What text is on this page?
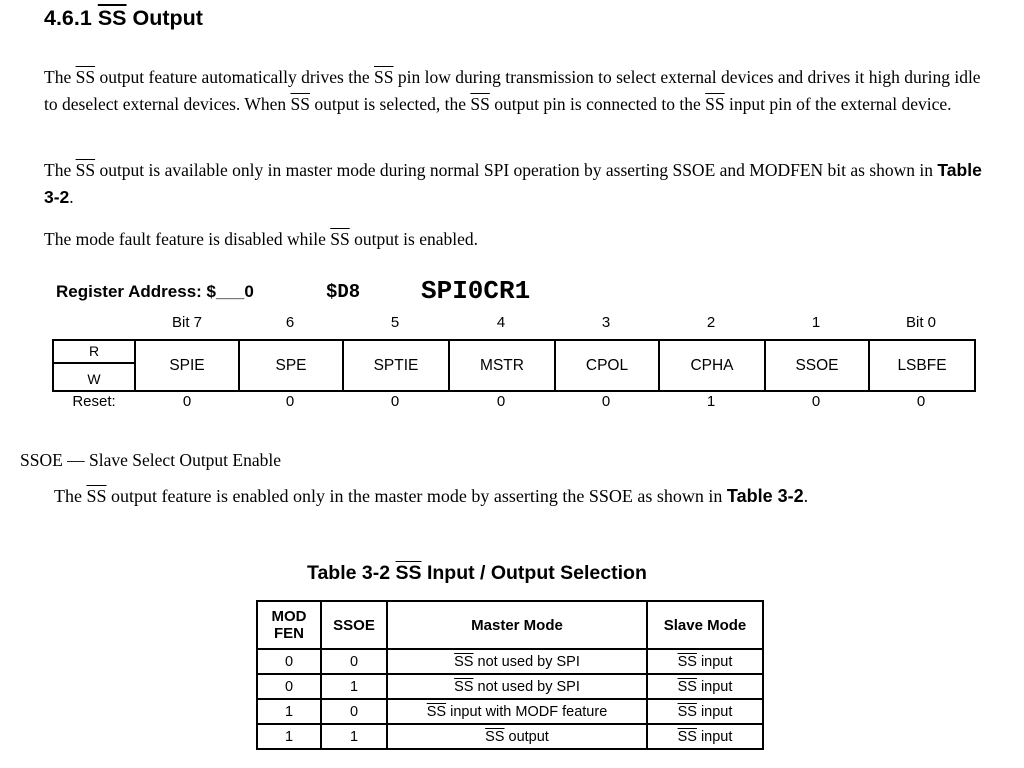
4.6.1 $\overline{SS}$ Output
The $\overline{SS}$ output feature automatically drives the $\overline{SS}$ pin low during transmission to select external devices and drives it high during idle to deselect external devices. When $\overline{SS}$ output is selected, the $\overline{SS}$ output pin is connected to the $\overline{SS}$ input pin of the external device.
The $\overline{SS}$ output is available only in master mode during normal SPI operation by asserting SSOE and MODFEN bit as shown in Table 3-2.
The mode fault feature is disabled while $\overline{SS}$ output is enabled.
Register Address: $___0	$D8 SPI0CR1
Bit 7	6	5	4	3	2	1	Bit 0
R
W
	SPIE	SPE	SPTIE	MSTR	CPOL	CPHA	SSOE	LSBFE
Reset:	0	0	0	0	0	1	0	0
SSOE — Slave Select Output Enable
The $\overline{SS}$ output feature is enabled only in the master mode by asserting the SSOE as shown in Table 3-2.
Table 3-2 $\overline{SS}$ Input / Output Selection
MOD
FEN	SSOE	Master Mode	Slave Mode
0	0	$\overline{SS}$ not used by SPI	$\overline{SS}$ input
0	1	$\overline{SS}$ not used by SPI	$\overline{SS}$ input
1	0	$\overline{SS}$ input with MODF feature	$\overline{SS}$ input
1	1	$\overline{SS}$ output	$\overline{SS}$ input
